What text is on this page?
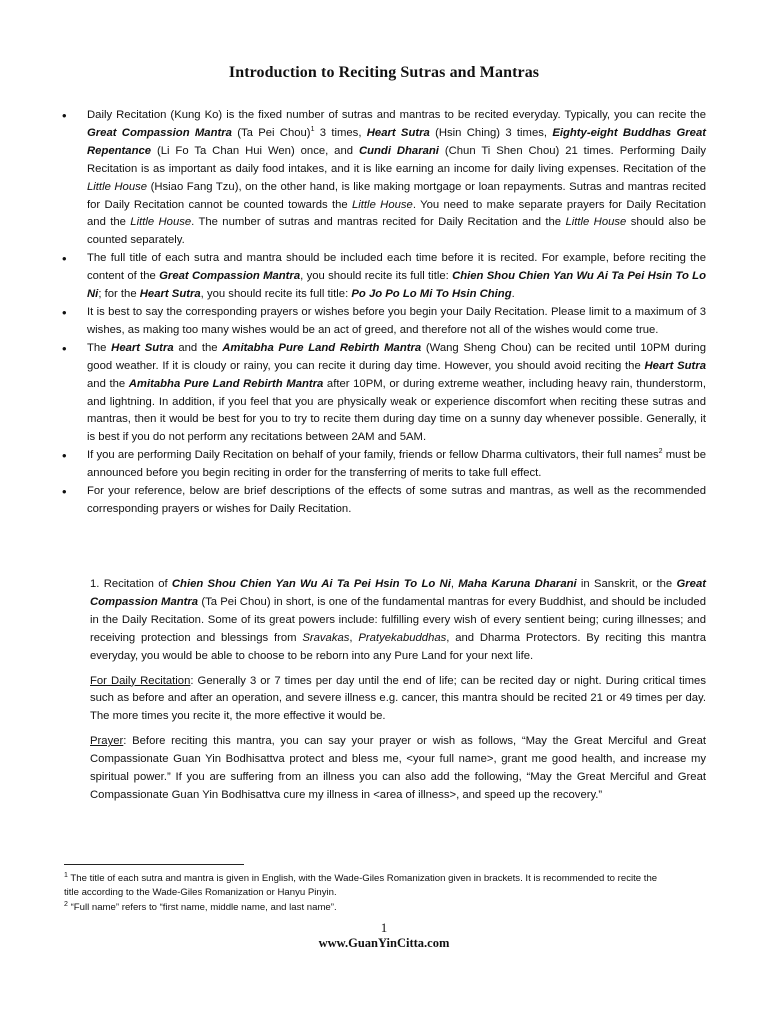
Introduction to Reciting Sutras and Mantras
• Daily Recitation (Kung Ko) is the fixed number of sutras and mantras to be recited everyday. Typically, you can recite the Great Compassion Mantra (Ta Pei Chou)$^1$ 3 times, Heart Sutra (Hsin Ching) 3 times, Eighty-eight Buddhas Great Repentance (Li Fo Ta Chan Hui Wen) once, and Cundi Dharani (Chun Ti Shen Chou) 21 times. Performing Daily Recitation is as important as daily food intakes, and it is like earning an income for daily living expenses. Recitation of the Little House (Hsiao Fang Tzu), on the other hand, is like making mortgage or loan repayments. Sutras and mantras recited for Daily Recitation cannot be counted towards the Little House. You need to make separate prayers for Daily Recitation and the Little House. The number of sutras and mantras recited for Daily Recitation and the Little House should also be counted separately.
• The full title of each sutra and mantra should be included each time before it is recited. For example, before reciting the content of the Great Compassion Mantra, you should recite its full title: Chien Shou Chien Yan Wu Ai Ta Pei Hsin To Lo Ni; for the Heart Sutra, you should recite its full title: Po Jo Po Lo Mi To Hsin Ching.
• It is best to say the corresponding prayers or wishes before you begin your Daily Recitation. Please limit to a maximum of 3 wishes, as making too many wishes would be an act of greed, and therefore not all of the wishes would come true.
• The Heart Sutra and the Amitabha Pure Land Rebirth Mantra (Wang Sheng Chou) can be recited until 10PM during good weather. If it is cloudy or rainy, you can recite it during day time. However, you should avoid reciting the Heart Sutra and the Amitabha Pure Land Rebirth Mantra after 10PM, or during extreme weather, including heavy rain, thunderstorm, and lightning. In addition, if you feel that you are physically weak or experience discomfort when reciting these sutras and mantras, then it would be best for you to try to recite them during day time on a sunny day whenever possible. Generally, it is best if you do not perform any recitations between 2AM and 5AM.
• If you are performing Daily Recitation on behalf of your family, friends or fellow Dharma cultivators, their full names$^2$ must be announced before you begin reciting in order for the transferring of merits to take full effect.
• For your reference, below are brief descriptions of the effects of some sutras and mantras, as well as the recommended corresponding prayers or wishes for Daily Recitation.

1. Recitation of Chien Shou Chien Yan Wu Ai Ta Pei Hsin To Lo Ni, Maha Karuna Dharani in Sanskrit, or the Great Compassion Mantra (Ta Pei Chou) in short, is one of the fundamental mantras for every Buddhist, and should be included in the Daily Recitation. Some of its great powers include: fulfilling every wish of every sentient being; curing illnesses; and receiving protection and blessings from Sravakas, Pratyekabuddhas, and Dharma Protectors. By reciting this mantra everyday, you would be able to choose to be reborn into any Pure Land for your next life.

For Daily Recitation: Generally 3 or 7 times per day until the end of life; can be recited day or night. During critical times such as before and after an operation, and severe illness e.g. cancer, this mantra should be recited 21 or 49 times per day. The more times you recite it, the more effective it would be.

Prayer: Before reciting this mantra, you can say your prayer or wish as follows, “May the Great Merciful and Great Compassionate Guan Yin Bodhisattva protect and bless me, <your full name>, grant me good health, and increase my spiritual power.” If you are suffering from an illness you can also add the following, “May the Great Merciful and Great Compassionate Guan Yin Bodhisattva cure my illness in <area of illness>, and speed up the recovery.”

$^1$ The title of each sutra and mantra is given in English, with the Wade-Giles Romanization given in brackets. It is recommended to recite the title according to the Wade-Giles Romanization or Hanyu Pinyin.

$^2$ “Full name” refers to “first name, middle name, and last name”.

1
www.GuanYinCitta.com
